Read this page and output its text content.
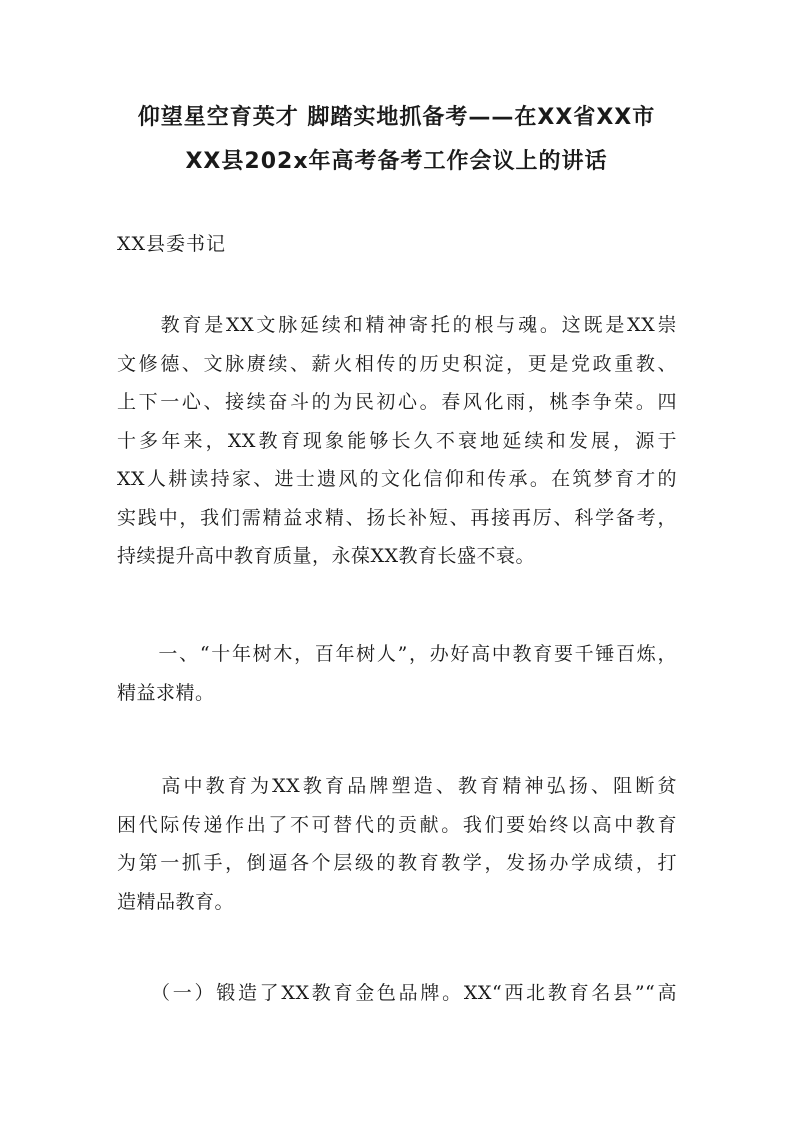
仰望星空育英才 脚踏实地抓备考——在XX省XX市
XX县202x年高考备考工作会议上的讲话
XX县委书记
　　教育是XX文脉延续和精神寄托的根与魂。这既是XX崇
文修德、文脉赓续、薪火相传的历史积淀，更是党政重教、
上下一心、接续奋斗的为民初心。春风化雨，桃李争荣。四
十多年来，XX教育现象能够长久不衰地延续和发展，源于
XX人耕读持家、进士遗风的文化信仰和传承。在筑梦育才的
实践中，我们需精益求精、扬长补短、再接再厉、科学备考，
持续提升高中教育质量，永葆XX教育长盛不衰。
　　一、“十年树木，百年树人”，办好高中教育要千锤百炼，
精益求精。
　　高中教育为XX教育品牌塑造、教育精神弘扬、阻断贫
困代际传递作出了不可替代的贡献。我们要始终以高中教育
为第一抓手，倒逼各个层级的教育教学，发扬办学成绩，打
造精品教育。
　　（一）锻造了XX教育金色品牌。XX“西北教育名县”“高
